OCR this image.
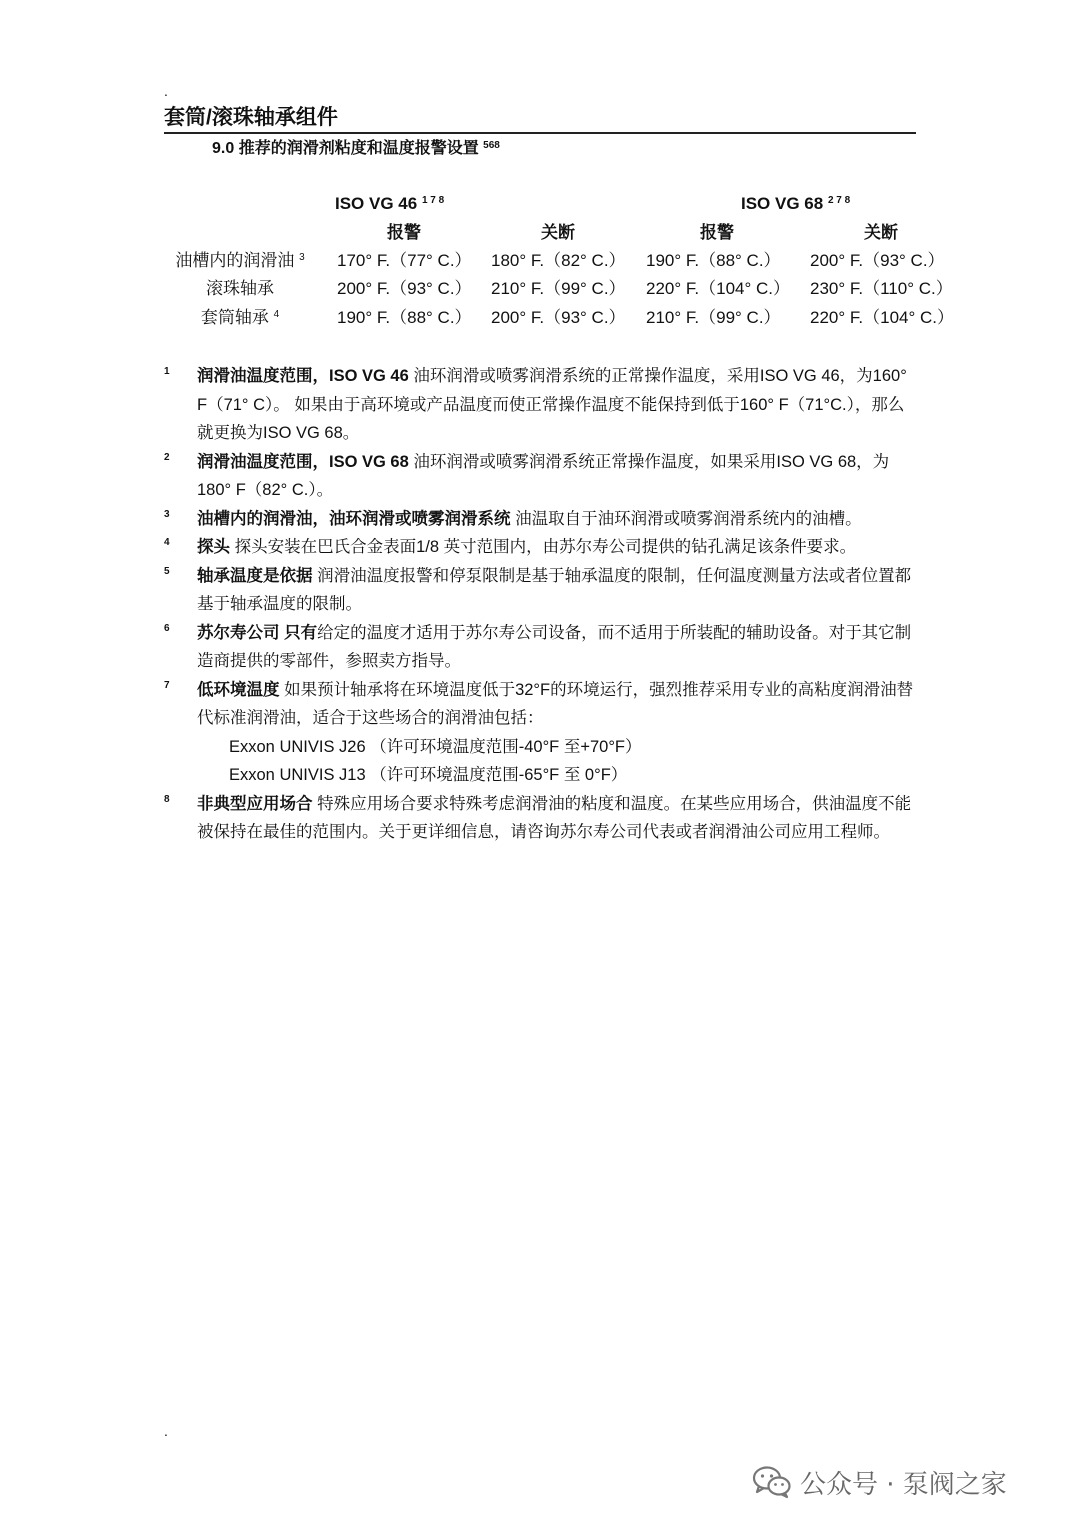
.
套筒/滚珠轴承组件
9.0 推荐的润滑剂粘度和温度报警设置 $^{568}$
ISO VG 46 $^{1 7 8}$	ISO VG 68 $^{2 7 8}$
报警	关断	报警	关断
油槽内的润滑油 $^3$	170° F.（77° C.） 180° F.（82° C.） 190° F.（88° C.） 200° F.（93° C.）
滚珠轴承	200° F.（93° C.） 210° F.（99° C.） 220° F.（104° C.） 230° F.（110° C.）
套筒轴承 $^4$	190° F.（88° C.） 200° F.（93° C.） 210° F.（99° C.） 220° F.（104° C.）
1 润滑油温度范围，ISO VG 46 油环润滑或喷雾润滑系统的正常操作温度，采用ISO VG 46，为160° F（71° C）。 如果由于高环境或产品温度而使正常操作温度不能保持到低于160° F（71°C.），那么就更换为ISO VG 68。
2 润滑油温度范围，ISO VG 68 油环润滑或喷雾润滑系统正常操作温度，如果采用ISO VG 68，为180° F（82° C.）。
3 油槽内的润滑油，油环润滑或喷雾润滑系统 油温取自于油环润滑或喷雾润滑系统内的油槽。
4 探头 探头安装在巴氏合金表面1/8 英寸范围内，由苏尔寿公司提供的钻孔满足该条件要求。
5 轴承温度是依据 润滑油温度报警和停泵限制是基于轴承温度的限制，任何温度测量方法或者位置都基于轴承温度的限制。
6 苏尔寿公司 只有给定的温度才适用于苏尔寿公司设备，而不适用于所装配的辅助设备。对于其它制造商提供的零部件，参照卖方指导。
7 低环境温度 如果预计轴承将在环境温度低于32°F的环境运行，强烈推荐采用专业的高粘度润滑油替代标准润滑油，适合于这些场合的润滑油包括：
Exxon UNIVIS J26 （许可环境温度范围-40°F 至+70°F）
Exxon UNIVIS J13 （许可环境温度范围-65°F 至 0°F）
8 非典型应用场合 特殊应用场合要求特殊考虑润滑油的粘度和温度。在某些应用场合，供油温度不能被保持在最佳的范围内。关于更详细信息，请咨询苏尔寿公司代表或者润滑油公司应用工程师。
.
公众号 · 泵阀之家
